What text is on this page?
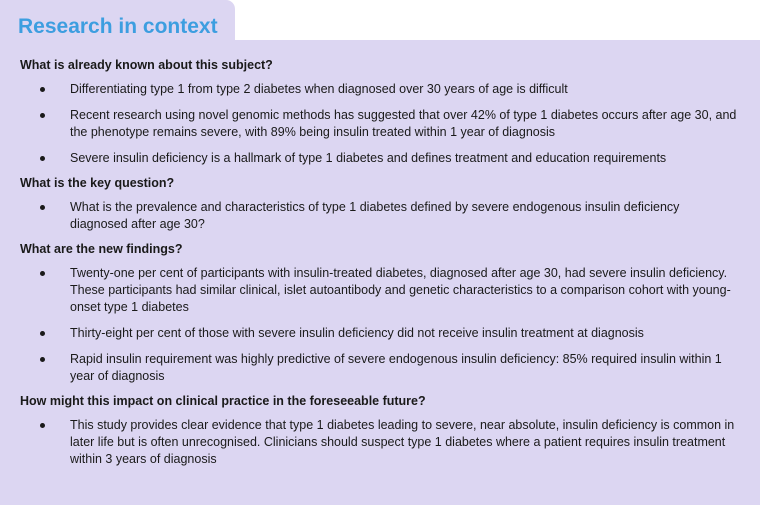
Research in context
What is already known about this subject?
Differentiating type 1 from type 2 diabetes when diagnosed over 30 years of age is difficult
Recent research using novel genomic methods has suggested that over 42% of type 1 diabetes occurs after age 30, and the phenotype remains severe, with 89% being insulin treated within 1 year of diagnosis
Severe insulin deficiency is a hallmark of type 1 diabetes and defines treatment and education requirements
What is the key question?
What is the prevalence and characteristics of type 1 diabetes defined by severe endogenous insulin deficiency diagnosed after age 30?
What are the new findings?
Twenty-one per cent of participants with insulin-treated diabetes, diagnosed after age 30, had severe insulin deficiency. These participants had similar clinical, islet autoantibody and genetic characteristics to a comparison cohort with young-onset type 1 diabetes
Thirty-eight per cent of those with severe insulin deficiency did not receive insulin treatment at diagnosis
Rapid insulin requirement was highly predictive of severe endogenous insulin deficiency: 85% required insulin within 1 year of diagnosis
How might this impact on clinical practice in the foreseeable future?
This study provides clear evidence that type 1 diabetes leading to severe, near absolute, insulin deficiency is common in later life but is often unrecognised. Clinicians should suspect type 1 diabetes where a patient requires insulin treatment within 3 years of diagnosis
